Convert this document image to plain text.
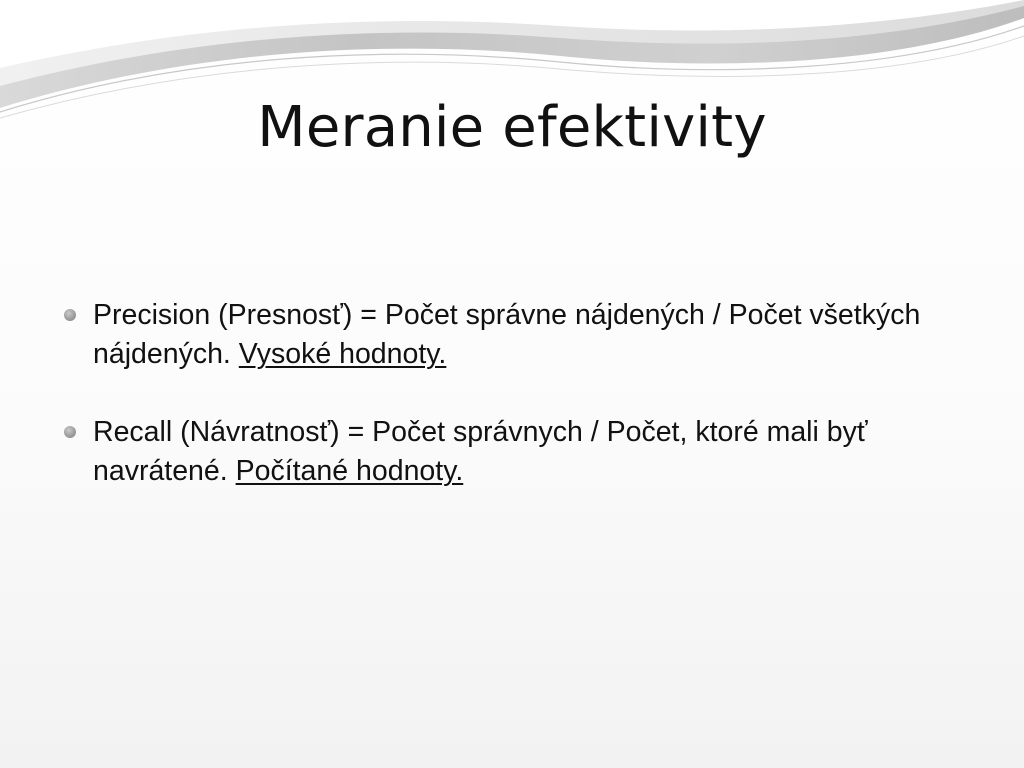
Meranie efektivity
Precision (Presnosť) = Počet správne nájdených / Počet všetkých nájdených. Vysoké hodnoty.
Recall (Návratnosť) = Počet správnych / Počet, ktoré mali byť navrátené. Počítané hodnoty.
